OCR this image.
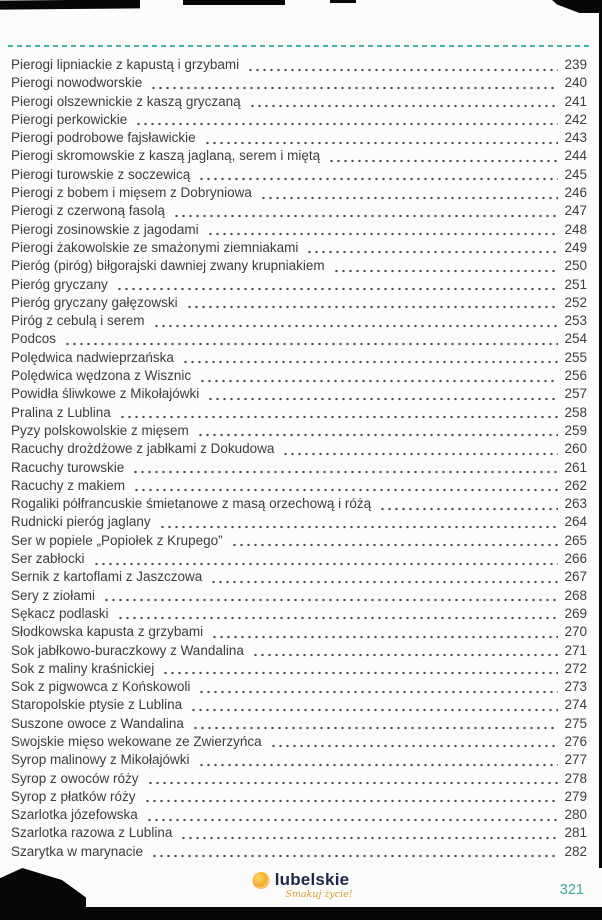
Pierogi lipniackie z kapustą i grzybami	239
Pierogi nowodworskie	240
Pierogi olszewnickie z kaszą gryczaną	241
Pierogi perkowickie	242
Pierogi podrobowe fajsławickie	243
Pierogi skromowskie z kaszą jaglaną, serem i miętą	244
Pierogi turowskie z soczewicą	245
Pierogi z bobem i mięsem z Dobryniowa	246
Pierogi z czerwoną fasolą	247
Pierogi zosinowskie z jagodami	248
Pierogi żakowolskie ze smażonymi ziemniakami	249
Pieróg (piróg) biłgorajski dawniej zwany krupniakiem	250
Pieróg gryczany	251
Pieróg gryczany gałęzowski	252
Piróg z cebulą i serem	253
Podcos	254
Polędwica nadwieprzańska	255
Polędwica wędzona z Wisznic	256
Powidła śliwkowe z Mikołajówki	257
Pralina z Lublina	258
Pyzy polskowolskie z mięsem	259
Racuchy drożdżowe z jabłkami z Dokudowa	260
Racuchy turowskie	261
Racuchy z makiem	262
Rogaliki półfrancuskie śmietanowe z masą orzechową i różą	263
Rudnicki pieróg jaglany	264
Ser w popiele „Popiołek z Krupego”	265
Ser zabłocki	266
Sernik z kartoflami z Jaszczowa	267
Sery z ziołami	268
Sękacz podlaski	269
Słodkowska kapusta z grzybami	270
Sok jabłkowo-buraczkowy z Wandalina	271
Sok z maliny kraśnickiej	272
Sok z pigwowca z Końskowoli	273
Staropolskie ptysie z Lublina	274
Suszone owoce z Wandalina	275
Swojskie mięso wekowane ze Zwierzyńca	276
Syrop malinowy z Mikołajówki	277
Syrop z owoców róży	278
Syrop z płatków róży	279
Szarlotka józefowska	280
Szarlotka razowa z Lublina	281
Szarytka w marynacie	282
lubelskie
Smakuj życie!	321
